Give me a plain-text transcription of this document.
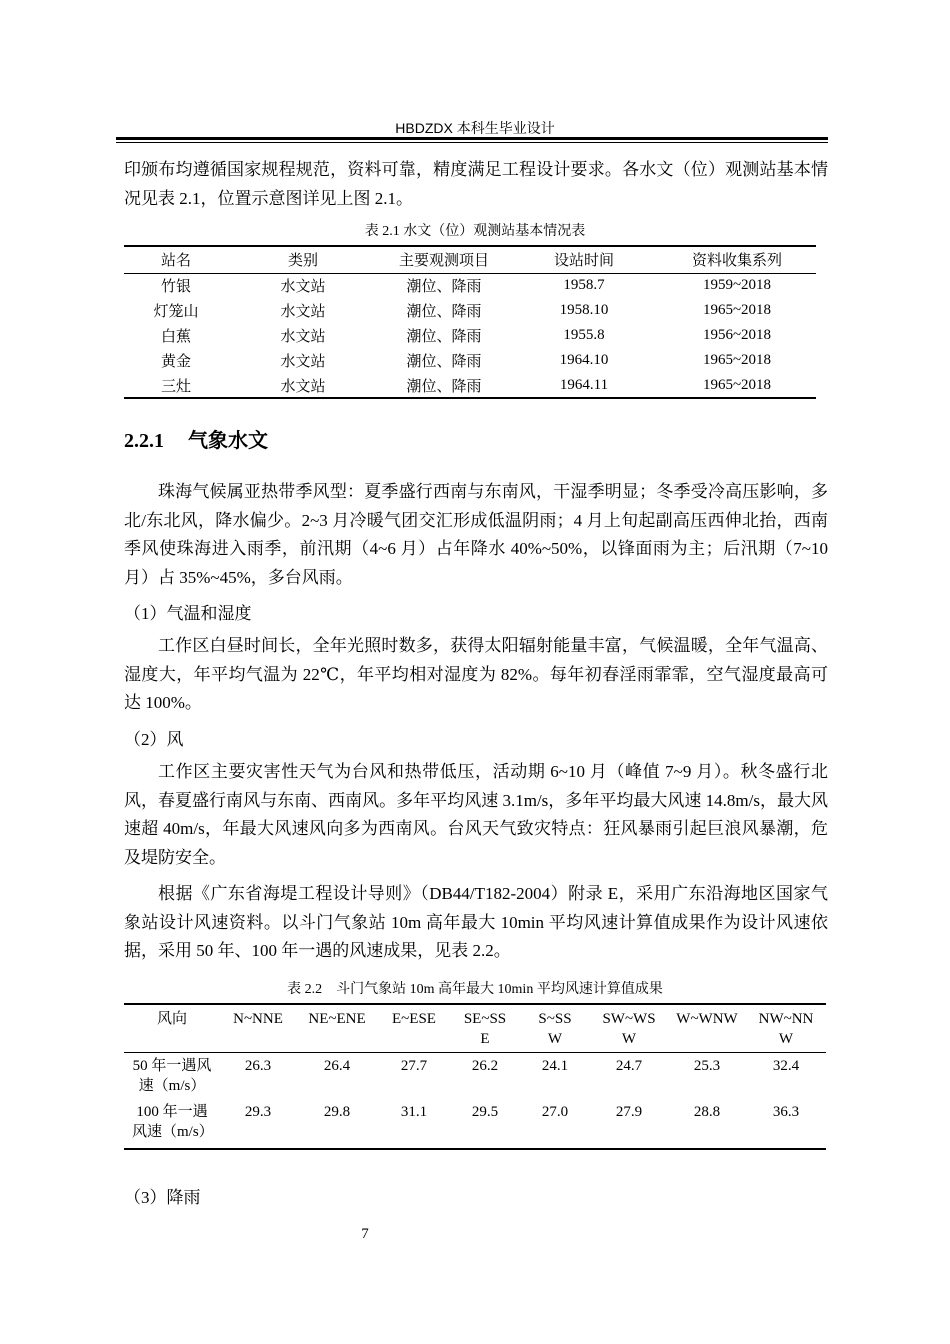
HBDZDX 本科生毕业设计

印颁布均遵循国家规程规范，资料可靠，精度满足工程设计要求。各水文（位）观测站基本情况见表 2.1，位置示意图详见上图 2.1。

表 2.1 水文（位）观测站基本情况表
站名	类别	主要观测项目	设站时间	资料收集系列
竹银	水文站	潮位、降雨	1958.7	1959~2018
灯笼山	水文站	潮位、降雨	1958.10	1965~2018
白蕉	水文站	潮位、降雨	1955.8	1956~2018
黄金	水文站	潮位、降雨	1964.10	1965~2018
三灶	水文站	潮位、降雨	1964.11	1965~2018
2.2.1 气象水文

珠海气候属亚热带季风型：夏季盛行西南与东南风，干湿季明显；冬季受冷高压影响，多北/东北风，降水偏少。2~3 月冷暖气团交汇形成低温阴雨；4 月上旬起副高压西伸北抬，西南季风使珠海进入雨季，前汛期（4~6 月）占年降水 40%~50%，以锋面雨为主；后汛期（7~10 月）占 35%~45%，多台风雨。

（1）气温和湿度

工作区白昼时间长，全年光照时数多，获得太阳辐射能量丰富，气候温暖，全年气温高、湿度大，年平均气温为 22℃，年平均相对湿度为 82%。每年初春淫雨霏霏，空气湿度最高可达 100%。

（2）风

工作区主要灾害性天气为台风和热带低压，活动期 6~10 月（峰值 7~9 月）。秋冬盛行北风，春夏盛行南风与东南、西南风。多年平均风速 3.1m/s，多年平均最大风速 14.8m/s，最大风速超 40m/s，年最大风速风向多为西南风。台风天气致灾特点：狂风暴雨引起巨浪风暴潮，危及堤防安全。

根据《广东省海堤工程设计导则》（DB44/T182-2004）附录 E，采用广东沿海地区国家气象站设计风速资料。以斗门气象站 10m 高年最大 10min 平均风速计算值成果作为设计风速依据，采用 50 年、100 年一遇的风速成果，见表 2.2。

表 2.2　斗门气象站 10m 高年最大 10min 平均风速计算值成果
风向	N~NNE	NE~ENE	E~ESE	SE~SSE	S~SSW	SW~WSW	W~WNW	NW~NNW
50 年一遇风速（m/s）	26.3	26.4	27.7	26.2	24.1	24.7	25.3	32.4
100 年一遇风速（m/s）	29.3	29.8	31.1	29.5	27.0	27.9	28.8	36.3

（3）降雨

7
